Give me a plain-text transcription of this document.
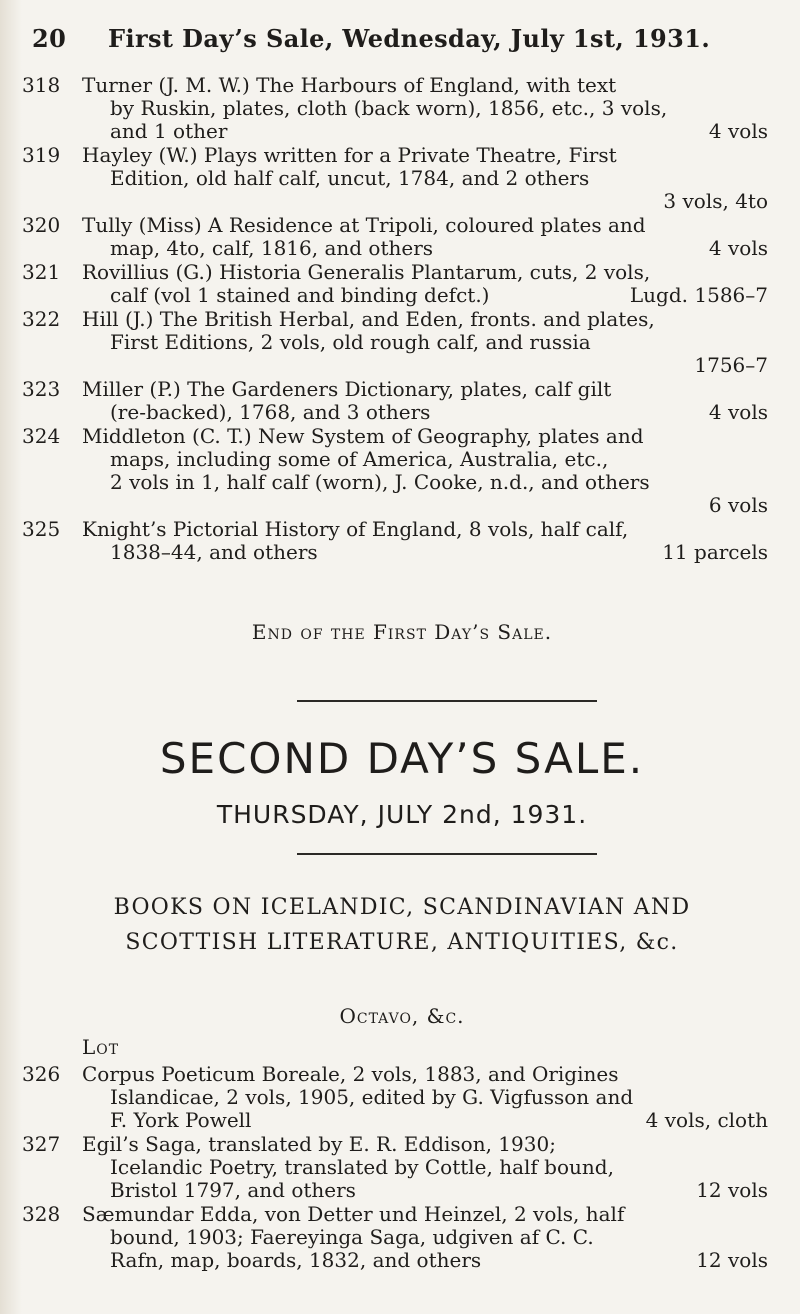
20 First Day’s Sale, Wednesday, July 1st, 1931.
318	Turner (J. M. W.) The Harbours of England, with text
by Ruskin, plates, cloth (back worn), 1856, etc., 3 vols,
and 1 other	4 vols
319	Hayley (W.) Plays written for a Private Theatre, First
Edition, old half calf, uncut, 1784, and 2 others
3 vols, 4to
320	Tully (Miss) A Residence at Tripoli, coloured plates and
map, 4to, calf, 1816, and others	4 vols
321	Rovillius (G.) Historia Generalis Plantarum, cuts, 2 vols,
calf (vol 1 stained and binding defct.)	Lugd. 1586–7
322	Hill (J.) The British Herbal, and Eden, fronts. and plates,
First Editions, 2 vols, old rough calf, and russia
1756–7
323	Miller (P.) The Gardeners Dictionary, plates, calf gilt
(re-backed), 1768, and 3 others	4 vols
324	Middleton (C. T.) New System of Geography, plates and
maps, including some of America, Australia, etc.,
2 vols in 1, half calf (worn), J. Cooke, n.d., and others
6 vols
325	Knight’s Pictorial History of England, 8 vols, half calf,
1838–44, and others	11 parcels
End of the First Day’s Sale.
SECOND DAY’S SALE.
THURSDAY, JULY 2nd, 1931.
BOOKS ON ICELANDIC, SCANDINAVIAN AND
SCOTTISH LITERATURE, ANTIQUITIES, &c.
Octavo, &c.
Lot
326	Corpus Poeticum Boreale, 2 vols, 1883, and Origines
Islandicae, 2 vols, 1905, edited by G. Vigfusson and
F. York Powell	4 vols, cloth
327	Egil’s Saga, translated by E. R. Eddison, 1930;
Icelandic Poetry, translated by Cottle, half bound,
Bristol 1797, and others	12 vols
328	Sæmundar Edda, von Detter und Heinzel, 2 vols, half
bound, 1903; Faereyinga Saga, udgiven af C. C.
Rafn, map, boards, 1832, and others	12 vols
